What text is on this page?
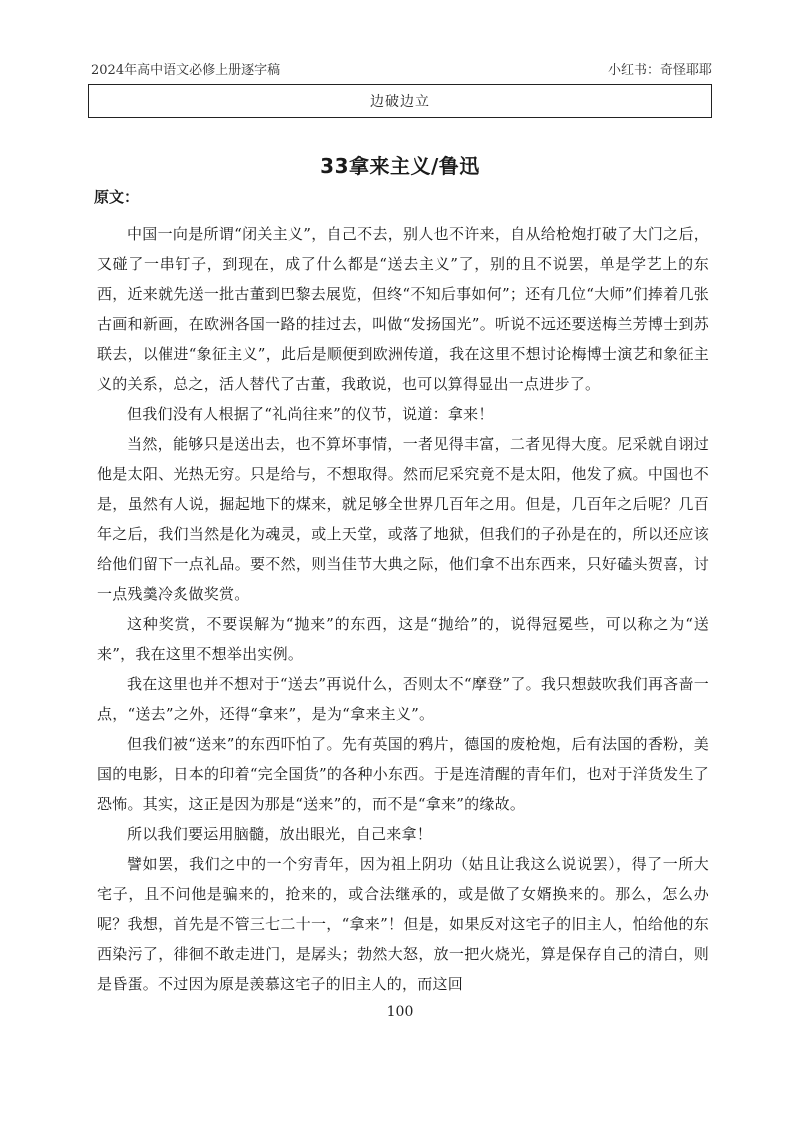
2024年高中语文必修上册逐字稿	小红书：奇怪耶耶
边破边立
33拿来主义/鲁迅
原文：

中国一向是所谓“闭关主义”，自己不去，别人也不许来，自从给枪炮打破了大门之后，又碰了一串钉子，到现在，成了什么都是“送去主义”了，别的且不说罢，单是学艺上的东西，近来就先送一批古董到巴黎去展览，但终“不知后事如何”；还有几位“大师”们捧着几张古画和新画，在欧洲各国一路的挂过去，叫做“发扬国光”。听说不远还要送梅兰芳博士到苏联去，以催进“象征主义”，此后是顺便到欧洲传道，我在这里不想讨论梅博士演艺和象征主义的关系，总之，活人替代了古董，我敢说，也可以算得显出一点进步了。

但我们没有人根据了“礼尚往来”的仪节，说道：拿来！

当然，能够只是送出去，也不算坏事情，一者见得丰富，二者见得大度。尼采就自诩过他是太阳、光热无穷。只是给与，不想取得。然而尼采究竟不是太阳，他发了疯。中国也不是，虽然有人说，掘起地下的煤来，就足够全世界几百年之用。但是，几百年之后呢？几百年之后，我们当然是化为魂灵，或上天堂，或落了地狱，但我们的子孙是在的，所以还应该给他们留下一点礼品。要不然，则当佳节大典之际，他们拿不出东西来，只好磕头贺喜，讨一点残羹冷炙做奖赏。

这种奖赏，不要误解为“抛来”的东西，这是“抛给”的，说得冠冕些，可以称之为“送来”，我在这里不想举出实例。

我在这里也并不想对于“送去”再说什么，否则太不“摩登”了。我只想鼓吹我们再吝啬一点，“送去”之外，还得“拿来”，是为“拿来主义”。

但我们被“送来”的东西吓怕了。先有英国的鸦片，德国的废枪炮，后有法国的香粉，美国的电影，日本的印着“完全国货”的各种小东西。于是连清醒的青年们，也对于洋货发生了恐怖。其实，这正是因为那是“送来”的，而不是“拿来”的缘故。

所以我们要运用脑髓，放出眼光，自己来拿！

譬如罢，我们之中的一个穷青年，因为祖上阴功（姑且让我这么说说罢），得了一所大宅子，且不问他是骗来的，抢来的，或合法继承的，或是做了女婿换来的。那么，怎么办呢？我想，首先是不管三七二十一，“拿来”！但是，如果反对这宅子的旧主人，怕给他的东西染污了，徘徊不敢走进门，是孱头；勃然大怒，放一把火烧光，算是保存自己的清白，则是昏蛋。不过因为原是羡慕这宅子的旧主人的，而这回

100
